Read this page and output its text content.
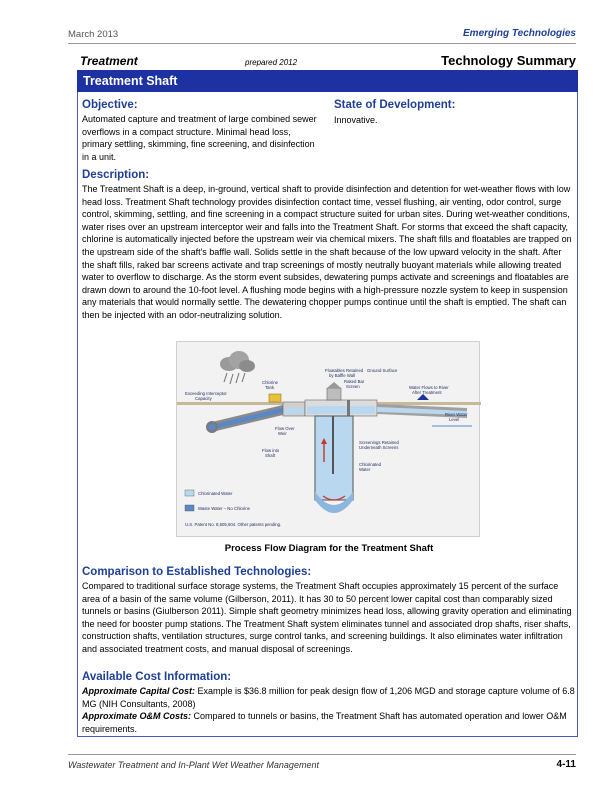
March 2013	Emerging Technologies
Treatment	prepared 2012	Technology Summary
Treatment Shaft
Objective:
Automated capture and treatment of large combined sewer overflows in a compact structure. Minimal head loss, primary settling, skimming, fine screening, and disinfection in a unit.
State of Development:
Innovative.
Description:
The Treatment Shaft is a deep, in-ground, vertical shaft to provide disinfection and detention for wet-weather flows with low head loss. Treatment Shaft technology provides disinfection contact time, vessel flushing, air venting, odor control, surge control, skimming, settling, and fine screening in a compact structure suited for urban sites. During wet-weather conditions, water rises over an upstream interceptor weir and falls into the Treatment Shaft. For storms that exceed the shaft capacity, chlorine is automatically injected before the upstream weir via chemical mixers. The shaft fills and floatables are trapped on the upstream side of the shaft's baffle wall. Solids settle in the shaft because of the low upward velocity in the shaft. After the shaft fills, raked bar screens activate and trap screenings of mostly neutrally buoyant materials while allowing treated water to overflow to discharge. As the storm event subsides, dewatering pumps activate and screenings and floatables are drawn down to around the 10-foot level. A flushing mode begins with a high-pressure nozzle system to keep in suspension any materials that would normally settle. The dewatering chopper pumps continue until the shaft is emptied. The shaft can then be injected with an odor-neutralizing solution.
Floatables Retained
by Baffle Wall
Ground Surface
Chlorine
Tank
Raked Bar
Screen
Exceeding Interceptor
Capacity
Water Flows to River
After Treatment
River Water
Level
Flow Over
Weir
Flow into
Shaft
Screenings Retained
Underneath Screens
Chlorinated
Water
Chlorinated Water
Waste Water – No Chlorine
U.S. Patent No. 8,505,604. Other patents pending.
Process Flow Diagram for the Treatment Shaft
Comparison to Established Technologies:
Compared to traditional surface storage systems, the Treatment Shaft occupies approximately 15 percent of the surface area of a basin of the same volume (Gilberson, 2011). It has 30 to 50 percent lower capital cost than comparably sized tunnels or basins (Giulberson 2011). Simple shaft geometry minimizes head loss, allowing gravity operation and eliminating the need for booster pump stations. The Treatment Shaft system eliminates tunnel and associated drop shafts, riser shafts, construction shafts, ventilation structures, surge control tanks, and screening buildings. It also eliminates water infiltration and associated treatment costs, and manual disposal of screenings.
Available Cost Information:
Approximate Capital Cost: Example is $36.8 million for peak design flow of 1,206 MGD and storage capture volume of 6.8 MG (NIH Consultants, 2008)
Approximate O&M Costs: Compared to tunnels or basins, the Treatment Shaft has automated operation and lower O&M requirements.
Wastewater Treatment and In-Plant Wet Weather Management	4-11
